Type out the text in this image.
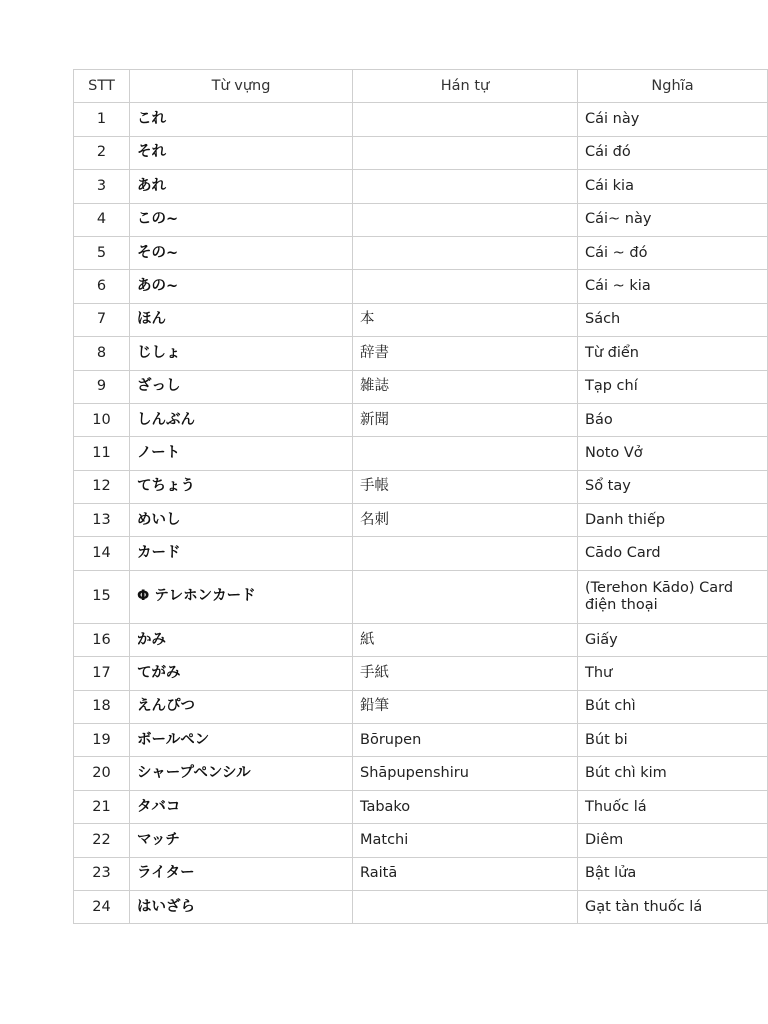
STT	Từ vựng	Hán tự	Nghĩa
1	これ		Cái này
2	それ		Cái đó
3	あれ		Cái kia
4	この~		Cái~ này
5	その~		Cái ~ đó
6	あの~		Cái ~ kia
7	ほん	本	Sách
8	じしょ	辞書	Từ điển
9	ざっし	雑誌	Tạp chí
10	しんぶん	新聞	Báo
11	ノート		Noto Vở
12	てちょう	手帳	Sổ tay
13	めいし	名刺	Danh thiếp
14	カード		Cādo Card
15	Φ テレホンカード		(Terehon Kādo) Card điện thoại
16	かみ	紙	Giấy
17	てがみ	手紙	Thư
18	えんぴつ	鉛筆	Bút chì
19	ボールペン	Bōrupen	Bút bi
20	シャープペンシル	Shāpupenshiru	Bút chì kim
21	タバコ	Tabako	Thuốc lá
22	マッチ	Matchi	Diêm
23	ライター	Raitā	Bật lửa
24	はいざら		Gạt tàn thuốc lá
